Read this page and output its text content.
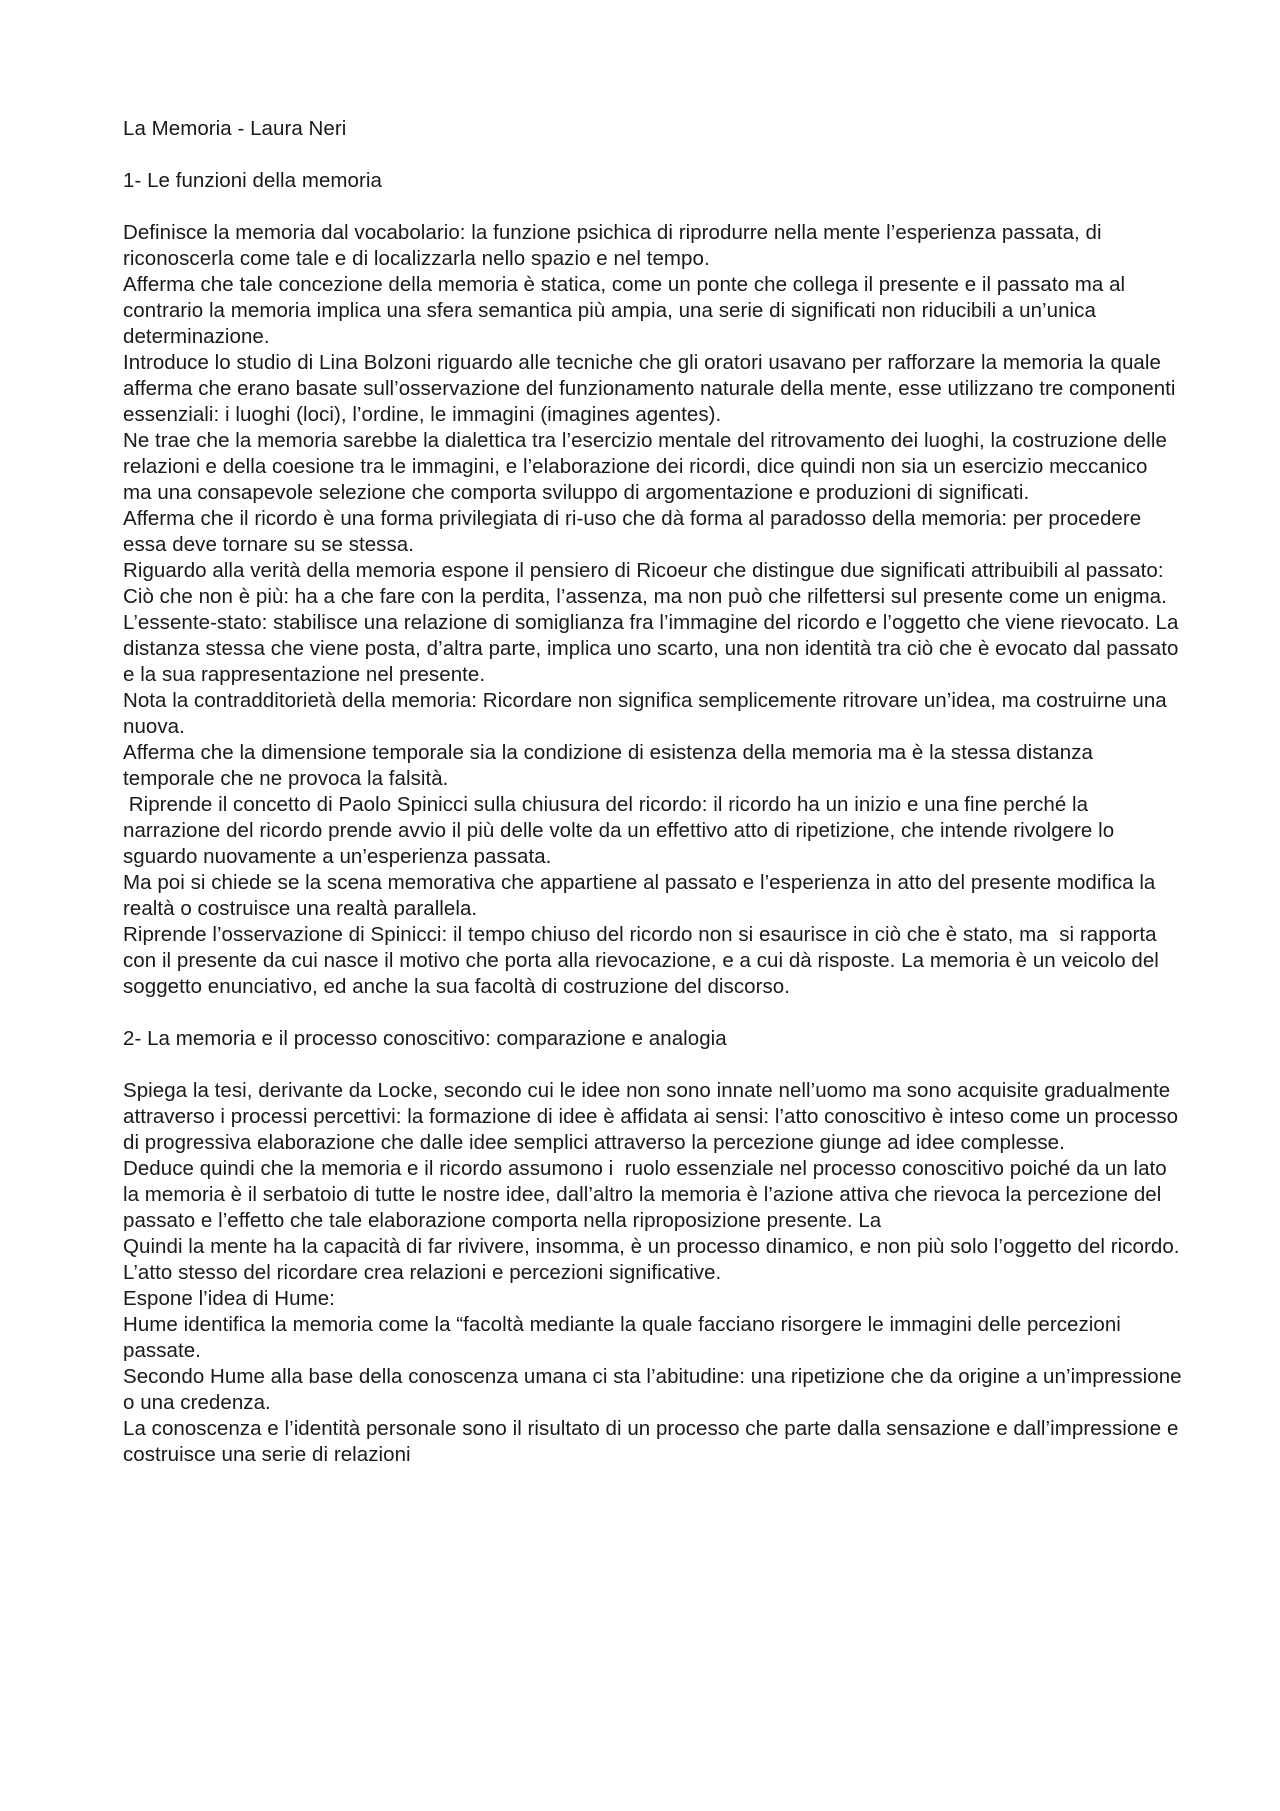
La Memoria - Laura Neri
1- Le funzioni della memoria

Definisce la memoria dal vocabolario: la funzione psichica di riprodurre nella mente l’esperienza passata, di riconoscerla come tale e di localizzarla nello spazio e nel tempo.

Afferma che tale concezione della memoria è statica, come un ponte che collega il presente e il passato ma al contrario la memoria implica una sfera semantica più ampia, una serie di significati non riducibili a un’unica determinazione.

Introduce lo studio di Lina Bolzoni riguardo alle tecniche che gli oratori usavano per rafforzare la memoria la quale afferma che erano basate sull’osservazione del funzionamento naturale della mente, esse utilizzano tre componenti essenziali: i luoghi (loci), l’ordine, le immagini (imagines agentes).

Ne trae che la memoria sarebbe la dialettica tra l’esercizio mentale del ritrovamento dei luoghi, la costruzione delle relazioni e della coesione tra le immagini, e l’elaborazione dei ricordi, dice quindi non sia un esercizio meccanico  ma una consapevole selezione che comporta sviluppo di argomentazione e produzioni di significati.

Afferma che il ricordo è una forma privilegiata di ri-uso che dà forma al paradosso della memoria: per procedere essa deve tornare su se stessa.

Riguardo alla verità della memoria espone il pensiero di Ricoeur che distingue due significati attribuibili al passato:

Ciò che non è più: ha a che fare con la perdita, l’assenza, ma non può che rilfettersi sul presente come un enigma.

L’essente-stato: stabilisce una relazione di somiglianza fra l’immagine del ricordo e l’oggetto che viene rievocato. La distanza stessa che viene posta, d’altra parte, implica uno scarto, una non identità tra ciò che è evocato dal passato e la sua rappresentazione nel presente.

Nota la contradditorietà della memoria: Ricordare non significa semplicemente ritrovare un’idea, ma costruirne una nuova.

Afferma che la dimensione temporale sia la condizione di esistenza della memoria ma è la stessa distanza temporale che ne provoca la falsità.

Riprende il concetto di Paolo Spinicci sulla chiusura del ricordo: il ricordo ha un inizio e una fine perché la narrazione del ricordo prende avvio il più delle volte da un effettivo atto di ripetizione, che intende rivolgere lo sguardo nuovamente a un’esperienza passata.

Ma poi si chiede se la scena memorativa che appartiene al passato e l’esperienza in atto del presente modifica la realtà o costruisce una realtà parallela.

Riprende l’osservazione di Spinicci: il tempo chiuso del ricordo non si esaurisce in ciò che è stato, ma  si rapporta con il presente da cui nasce il motivo che porta alla rievocazione, e a cui dà risposte. La memoria è un veicolo del soggetto enunciativo, ed anche la sua facoltà di costruzione del discorso.

2- La memoria e il processo conoscitivo: comparazione e analogia

Spiega la tesi, derivante da Locke, secondo cui le idee non sono innate nell’uomo ma sono acquisite gradualmente attraverso i processi percettivi: la formazione di idee è affidata ai sensi: l’atto conoscitivo è inteso come un processo di progressiva elaborazione che dalle idee semplici attraverso la percezione giunge ad idee complesse.

Deduce quindi che la memoria e il ricordo assumono i  ruolo essenziale nel processo conoscitivo poiché da un lato la memoria è il serbatoio di tutte le nostre idee, dall’altro la memoria è l’azione attiva che rievoca la percezione del passato e l’effetto che tale elaborazione comporta nella riproposizione presente. La

Quindi la mente ha la capacità di far rivivere, insomma, è un processo dinamico, e non più solo l’oggetto del ricordo. L’atto stesso del ricordare crea relazioni e percezioni significative.

Espone l’idea di Hume:

Hume identifica la memoria come la “facoltà mediante la quale facciano risorgere le immagini delle percezioni passate.

Secondo Hume alla base della conoscenza umana ci sta l’abitudine: una ripetizione che da origine a un’impressione o una credenza.

La conoscenza e l’identità personale sono il risultato di un processo che parte dalla sensazione e dall’impressione e costruisce una serie di relazioni
